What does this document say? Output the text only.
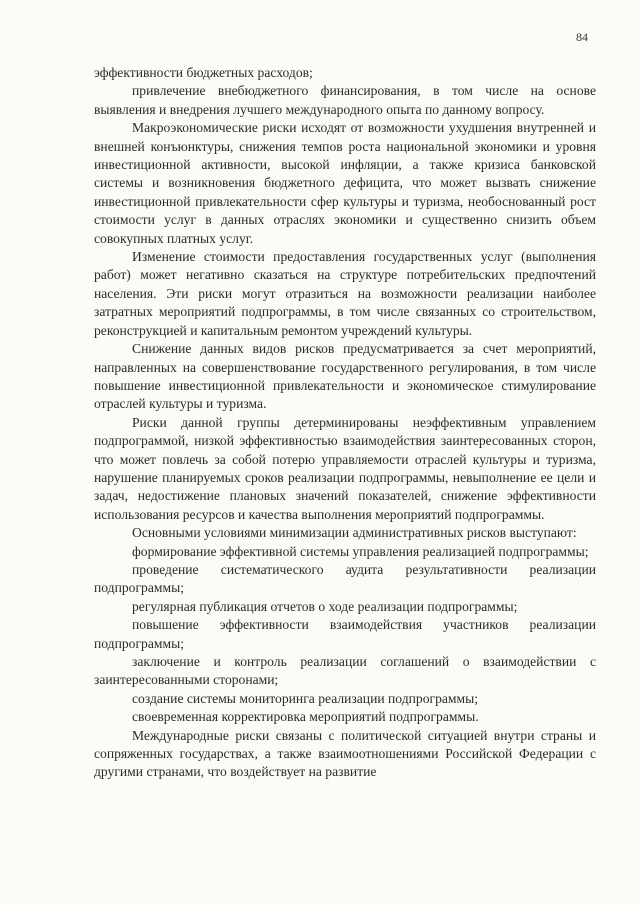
84

эффективности бюджетных расходов;

привлечение внебюджетного финансирования, в том числе на основе выявления и внедрения лучшего международного опыта по данному вопросу.

Макроэкономические риски исходят от возможности ухудшения внутренней и внешней конъюнктуры, снижения темпов роста национальной экономики и уровня инвестиционной активности, высокой инфляции, а также кризиса банковской системы и возникновения бюджетного дефицита, что может вызвать снижение инвестиционной привлекательности сфер культуры и туризма, необоснованный рост стоимости услуг в данных отраслях экономики и существенно снизить объем совокупных платных услуг.

Изменение стоимости предоставления государственных услуг (выполнения работ) может негативно сказаться на структуре потребительских предпочтений населения. Эти риски могут отразиться на возможности реализации наиболее затратных мероприятий подпрограммы, в том числе связанных со строительством, реконструкцией и капитальным ремонтом учреждений культуры.

Снижение данных видов рисков предусматривается за счет мероприятий, направленных на совершенствование государственного регулирования, в том числе повышение инвестиционной привлекательности и экономическое стимулирование отраслей культуры и туризма.

Риски данной группы детерминированы неэффективным управлением подпрограммой, низкой эффективностью взаимодействия заинтересованных сторон, что может повлечь за собой потерю управляемости отраслей культуры и туризма, нарушение планируемых сроков реализации подпрограммы, невыполнение ее цели и задач, недостижение плановых значений показателей, снижение эффективности использования ресурсов и качества выполнения мероприятий подпрограммы.

Основными условиями минимизации административных рисков выступают:

формирование эффективной системы управления реализацией подпрограммы;

проведение систематического аудита результативности реализации подпрограммы;

регулярная публикация отчетов о ходе реализации подпрограммы;

повышение эффективности взаимодействия участников реализации подпрограммы;

заключение и контроль реализации соглашений о взаимодействии с заинтересованными сторонами;

создание системы мониторинга реализации подпрограммы;

своевременная корректировка мероприятий подпрограммы.

Международные риски связаны с политической ситуацией внутри страны и сопряженных государствах, а также взаимоотношениями Российской Федерации с другими странами, что воздействует на развитие
